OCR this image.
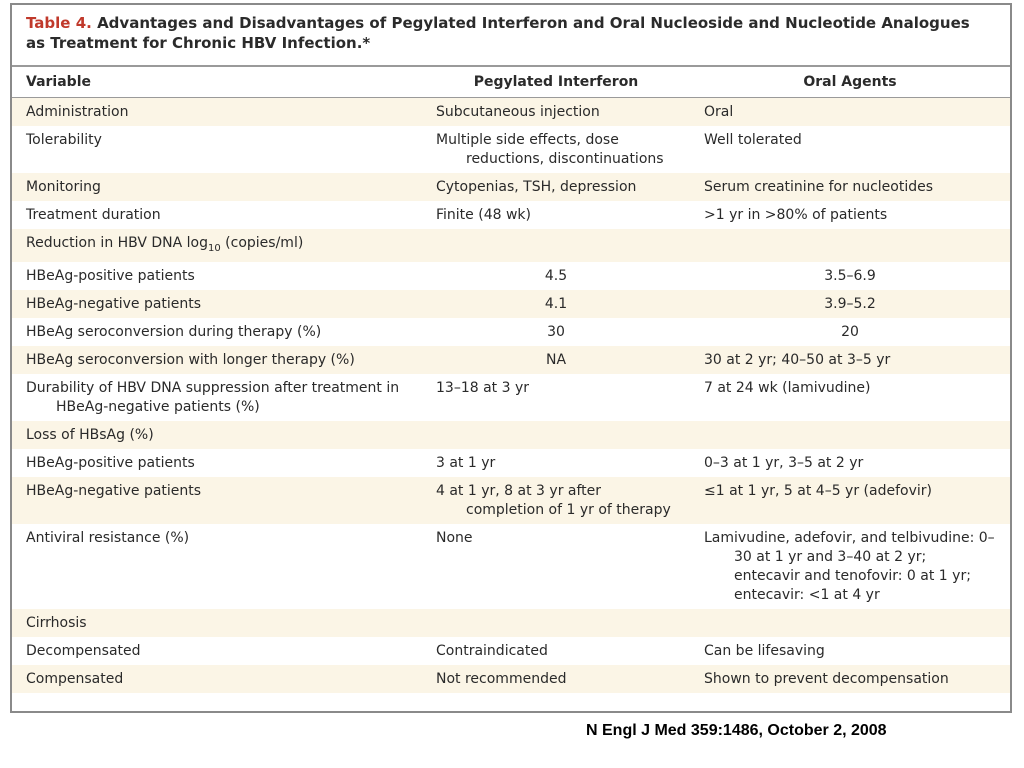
Table 4. Advantages and Disadvantages of Pegylated Interferon and Oral Nucleoside and Nucleotide Analogues
as Treatment for Chronic HBV Infection.*
Variable	Pegylated Interferon	Oral Agents
Administration	Subcutaneous injection	Oral
Tolerability	Multiple side effects, dose reductions, discontinuations	Well tolerated
Monitoring	Cytopenias, TSH, depression	Serum creatinine for nucleotides
Treatment duration	Finite (48 wk)	>1 yr in >80% of patients
Reduction in HBV DNA $\log_{10}$ (copies/ml)		
HBeAg-positive patients	4.5	3.5–6.9
HBeAg-negative patients	4.1	3.9–5.2
HBeAg seroconversion during therapy (%)	30	20
HBeAg seroconversion with longer therapy (%)	NA	30 at 2 yr; 40–50 at 3–5 yr

Durability of HBV DNA suppression after treatment in HBeAg-negative patients (%)	13–18 at 3 yr	7 at 24 wk (lamivudine)
Loss of HBsAg (%)		
HBeAg-positive patients	3 at 1 yr	0–3 at 1 yr, 3–5 at 2 yr
HBeAg-negative patients	4 at 1 yr, 8 at 3 yr after completion of 1 yr of therapy	≤1 at 1 yr, 5 at 4–5 yr (adefovir)
Antiviral resistance (%)	None	Lamivudine, adefovir, and telbivudine: 0–30 at 1 yr and 3–40 at 2 yr; entecavir and tenofovir: 0 at 1 yr; entecavir: <1 at 4 yr

Cirrhosis		
Decompensated	Contraindicated	Can be lifesaving
Compensated	Not recommended	Shown to prevent decompensation
N Engl J Med 359:1486, October 2, 2008
